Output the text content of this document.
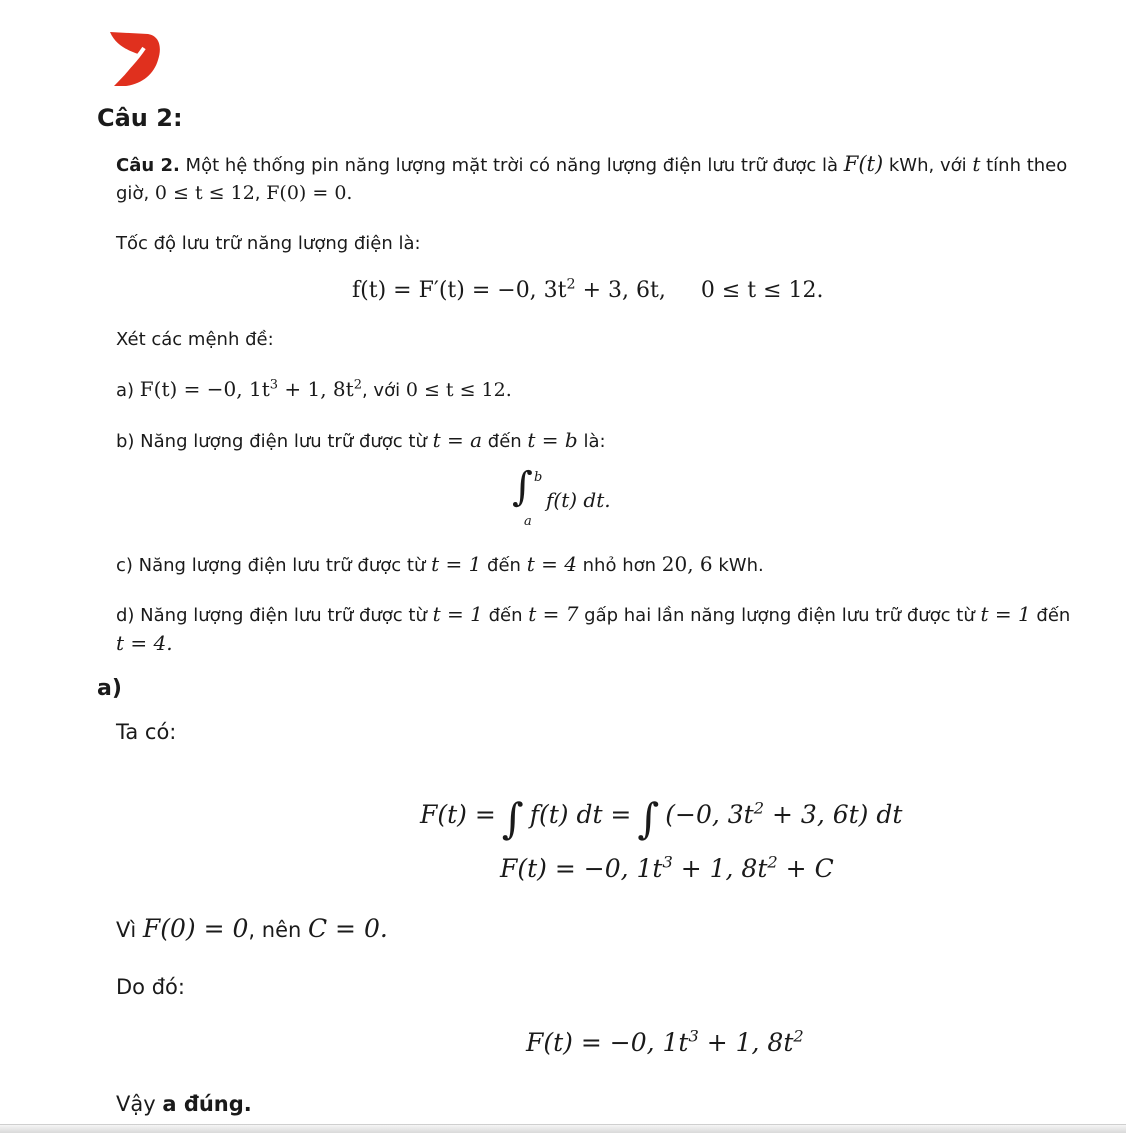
Câu 2:
Câu 2. Một hệ thống pin năng lượng mặt trời có năng lượng điện lưu trữ được là F(t) kWh, với t tính theo
giờ, 0 ≤ t ≤ 12, F(0) = 0.
Tốc độ lưu trữ năng lượng điện là:
f(t) = F′(t) = −0, $3t^2 + 3$, 6t,     0 ≤ t ≤ 12.
Xét các mệnh đề:
a) F(t) = −0, $1t^3 + 1$, $8t^2$, với 0 ≤ t ≤ 12.
b) Năng lượng điện lưu trữ được từ t = a đến t = b là:
∫ b
a
f(t) dt.
c) Năng lượng điện lưu trữ được từ t = 1 đến t = 4 nhỏ hơn 20, 6 kWh.
d) Năng lượng điện lưu trữ được từ t = 1 đến t = 7 gấp hai lần năng lượng điện lưu trữ được từ t = 1 đến
t = 4.
a)
Ta có:
F(t) = ∫ f(t) dt = ∫ (−0, $3t^2 + 3$, 6t) dt
F(t) = −0, $1t^3 + 1$, $8t^2 + C$
Vì F(0) = 0, nên C = 0.
Do đó:
F(t) = −0, $1t^3 + 1$, $8t^2$
Vậy a đúng.
